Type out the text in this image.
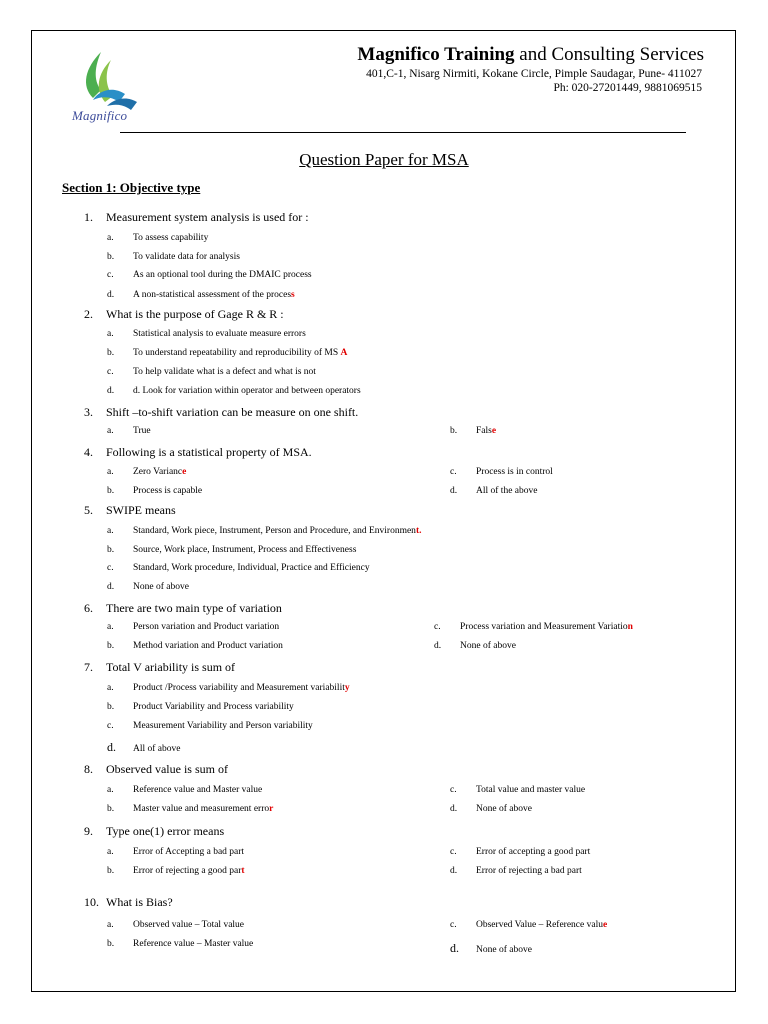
Magnifico
Magnifico Training and Consulting Services
401,C-1, Nisarg Nirmiti, Kokane Circle, Pimple Saudagar, Pune- 411027
Ph: 020-27201449, 9881069515
Question Paper for MSA
Section 1: Objective type
1. Measurement system analysis is used for :
a. To assess capability
b. To validate data for analysis
c. As an optional tool during the DMAIC process
d. A non-statistical assessment of the process
2. What is the purpose of Gage R & R :
a. Statistical analysis to evaluate measure errors
b. To understand repeatability and reproducibility of MS A
c. To help validate what is a defect and what is not
d. d. Look for variation within operator and between operators
3. Shift –to-shift variation can be measure on one shift.
a. True	b. False
4. Following is a statistical property of MSA.
a. Zero Variance
b. Process is capable
c. Process is in control
d. All of the above
5. SWIPE means
a. Standard, Work piece, Instrument, Person and Procedure, and Environment.
b. Source, Work place, Instrument, Process and Effectiveness
c. Standard, Work procedure, Individual, Practice and Efficiency
d. None of above
6. There are two main type of variation
a. Person variation and Product variation
b. Method variation and Product variation
c. Process variation and Measurement Variation
d. None of above
7. Total V ariability is sum of
a. Product /Process variability and Measurement variability
b. Product Variability and Process variability
c. Measurement Variability and Person variability
d. All of above
8. Observed value is sum of
a. Reference value and Master value
b. Master value and measurement error
c. Total value and master value
d. None of above
9. Type one(1) error means
a. Error of Accepting a bad part
b. Error of rejecting a good part
c. Error of accepting a good part
d. Error of rejecting a bad part
10. What is Bias?
a. Observed value – Total value
b. Reference value – Master value
c. Observed Value – Reference value
d. None of above
